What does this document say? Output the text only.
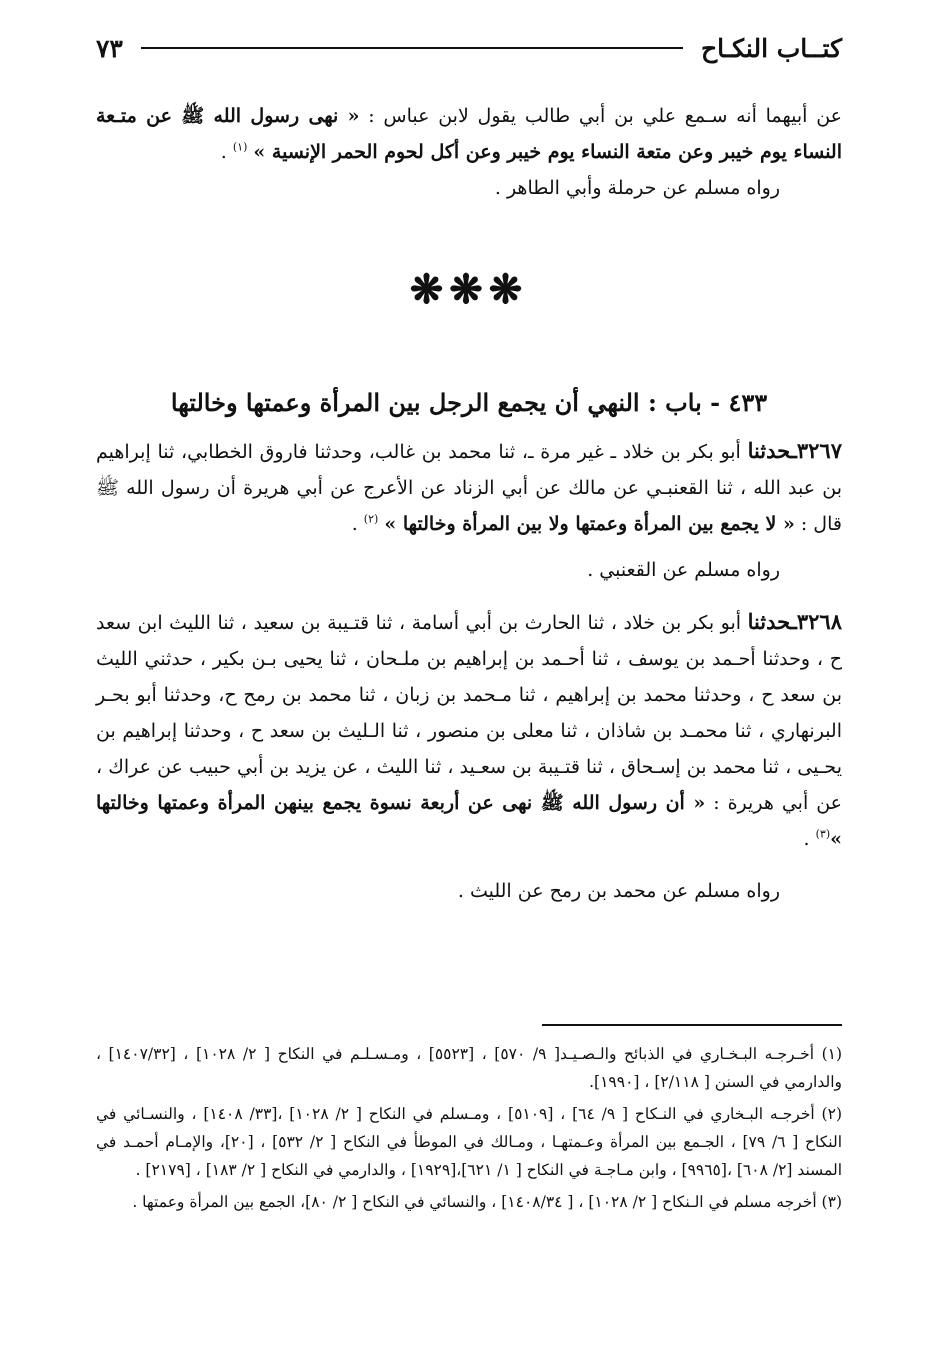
كتــاب النكـاح
٧٣

عن أبيهما أنه سـمع علي بن أبي طالب يقول لابن عباس : « نهى رسول الله ﷺ عن متـعة النساء يوم خيبر وعن متعة النساء يوم خيبر وعن أكل لحوم الحمر الإنسية » $^{(١)}$ .

رواه مسلم عن حرملة وأبي الطاهر .

❋❋❋
٤٣٣ - باب : النهي أن يجمع الرجل بين المرأة وعمتها وخالتها

٣٢٦٧ـحدثنا أبو بكر بن خلاد ـ غير مرة ـ، ثنا محمد بن غالب، وحدثنا فاروق الخطابي، ثنا إبراهيم بن عبد الله ، ثنا القعنبـي عن مالك عن أبي الزناد عن الأعرج عن أبي هريرة أن رسول الله ﷺ قال : « لا يجمع بين المرأة وعمتها ولا بين المرأة وخالتها » $^{(٢)}$ .

رواه مسلم عن القعنبي .

٣٢٦٨ـحدثنا أبو بكر بن خلاد ، ثنا الحارث بن أبي أسامة ، ثنا قتـيبة بن سعيد ، ثنا الليث ابن سعد ح ، وحدثنا أحـمد بن يوسف ، ثنا أحـمد بن إبراهيم بن ملـحان ، ثنا يحيى بـن بكير ، حدثني الليث بن سعد ح ، وحدثنا محمد بن إبراهيم ، ثنا مـحمد بن زبان ، ثنا محمد بن رمح ح، وحدثنا أبو بحـر البرنهاري ، ثنا محمـد بن شاذان ، ثنا معلى بن منصور ، ثنا الـليث بن سعد ح ، وحدثنا إبراهيم بن يحـيى ، ثنا محمد بن إسـحاق ، ثنا قتـيبة بن سعـيد ، ثنا الليث ، عن يزيد بن أبي حبيب عن عراك ، عن أبي هريرة : « أن رسول الله ﷺ نهى عن أربعة نسوة يجمع بينهن المرأة وعمتها وخالتها »$^{(٣)}$ .

رواه مسلم عن محمد بن رمح عن الليث .

(١) أخـرجـه البـخـاري في الذبائح والـصـيـد[ ٩/ ٥٧٠] ، [٥٥٢٣] ، ومـسـلـم في النكاح [ ٢/ ١٠٢٨] ، [١٤٠٧/٣٢] ، والدارمي في السنن [ ٢/١١٨] ، [١٩٩٠].
(٢) أخرجـه البـخاري في النـكاح [ ٩/ ٦٤] ، [٥١٠٩] ، ومـسلم في النكاح [ ٢/ ١٠٢٨] ،[٣٣/ ١٤٠٨] ، والنسـائي في النكاح [ ٦/ ٧٩] ، الجـمع بين المرأة وعـمتهـا ، ومـالك في الموطأ في النكاح [ ٢/ ٥٣٢] ، [٢٠]، والإمـام أحمـد في المسند [٢/ ٦٠٨] ،[٩٩٦٥] ، وابن مـاجـة في النكاح [ ١/ ٦٢١]،[١٩٢٩] ، والدارمي في النكاح [ ٢/ ١٨٣] ، [٢١٧٩] .
(٣) أخرجه مسلم في الـنكاح [ ٢/ ١٠٢٨] ، [ ١٤٠٨/٣٤] ، والنسائي في النكاح [ ٢/ ٨٠]، الجمع بين المرأة وعمتها .
